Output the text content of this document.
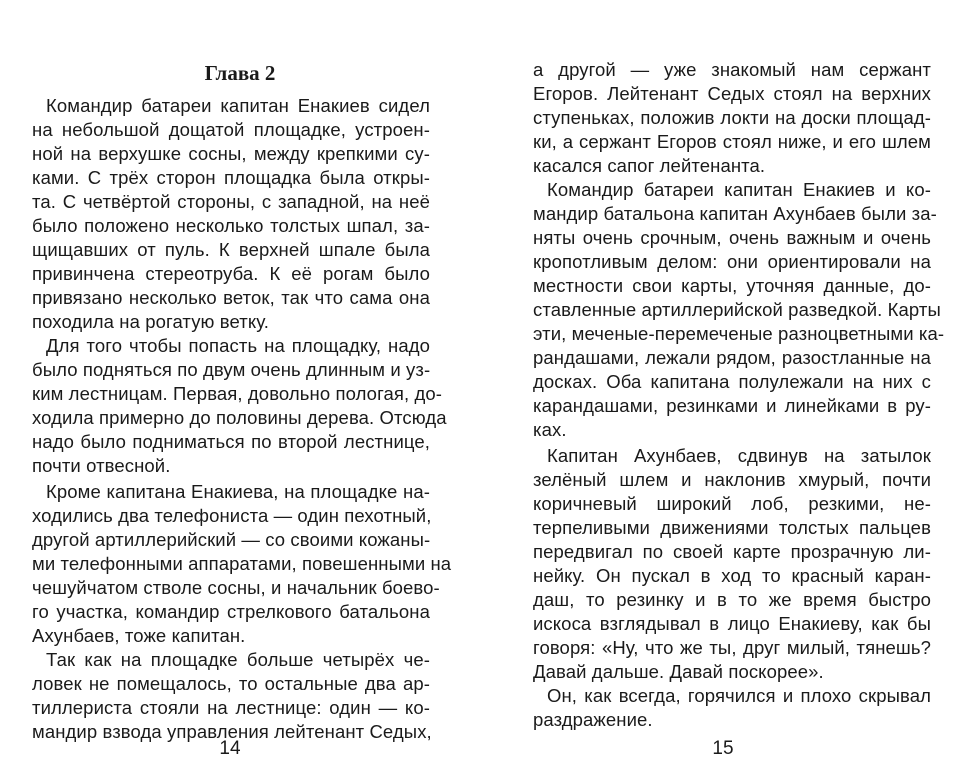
Глава 2
Командир батареи капитан Енакиев сидел
на небольшой дощатой площадке, устроен-
ной на верхушке сосны, между крепкими су-
ками. С трёх сторон площадка была откры-
та. С четвёртой стороны, с западной, на неё
было положено несколько толстых шпал, за-
щищавших от пуль. К верхней шпале была
привинчена стереотруба. К её рогам было
привязано несколько веток, так что сама она
походила на рогатую ветку.
Для того чтобы попасть на площадку, надо
было подняться по двум очень длинным и уз-
ким лестницам. Первая, довольно пологая, до-
ходила примерно до половины дерева. Отсюда
надо было подниматься по второй лестнице,
почти отвесной.
Кроме капитана Енакиева, на площадке на-
ходились два телефониста — один пехотный,
другой артиллерийский — со своими кожаны-
ми телефонными аппаратами, повешенными на
чешуйчатом стволе сосны, и начальник боево-
го участка, командир стрелкового батальона
Ахунбаев, тоже капитан.
Так как на площадке больше четырёх че-
ловек не помещалось, то остальные два ар-
тиллериста стояли на лестнице: один — ко-
мандир взвода управления лейтенант Седых,
14
а другой — уже знакомый нам сержант
Егоров. Лейтенант Седых стоял на верхних
ступеньках, положив локти на доски площад-
ки, а сержант Егоров стоял ниже, и его шлем
касался сапог лейтенанта.
Командир батареи капитан Енакиев и ко-
мандир батальона капитан Ахунбаев были за-
няты очень срочным, очень важным и очень
кропотливым делом: они ориентировали на
местности свои карты, уточняя данные, до-
ставленные артиллерийской разведкой. Карты
эти, меченые-перемеченые разноцветными ка-
рандашами, лежали рядом, разостланные на
досках. Оба капитана полулежали на них с
карандашами, резинками и линейками в ру-
ках.
Капитан Ахунбаев, сдвинув на затылок
зелёный шлем и наклонив хмурый, почти
коричневый широкий лоб, резкими, не-
терпеливыми движениями толстых пальцев
передвигал по своей карте прозрачную ли-
нейку. Он пускал в ход то красный каран-
даш, то резинку и в то же время быстро
искоса взглядывал в лицо Енакиеву, как бы
говоря: «Ну, что же ты, друг милый, тянешь?
Давай дальше. Давай поскорее».
Он, как всегда, горячился и плохо скрывал
раздражение.
15
